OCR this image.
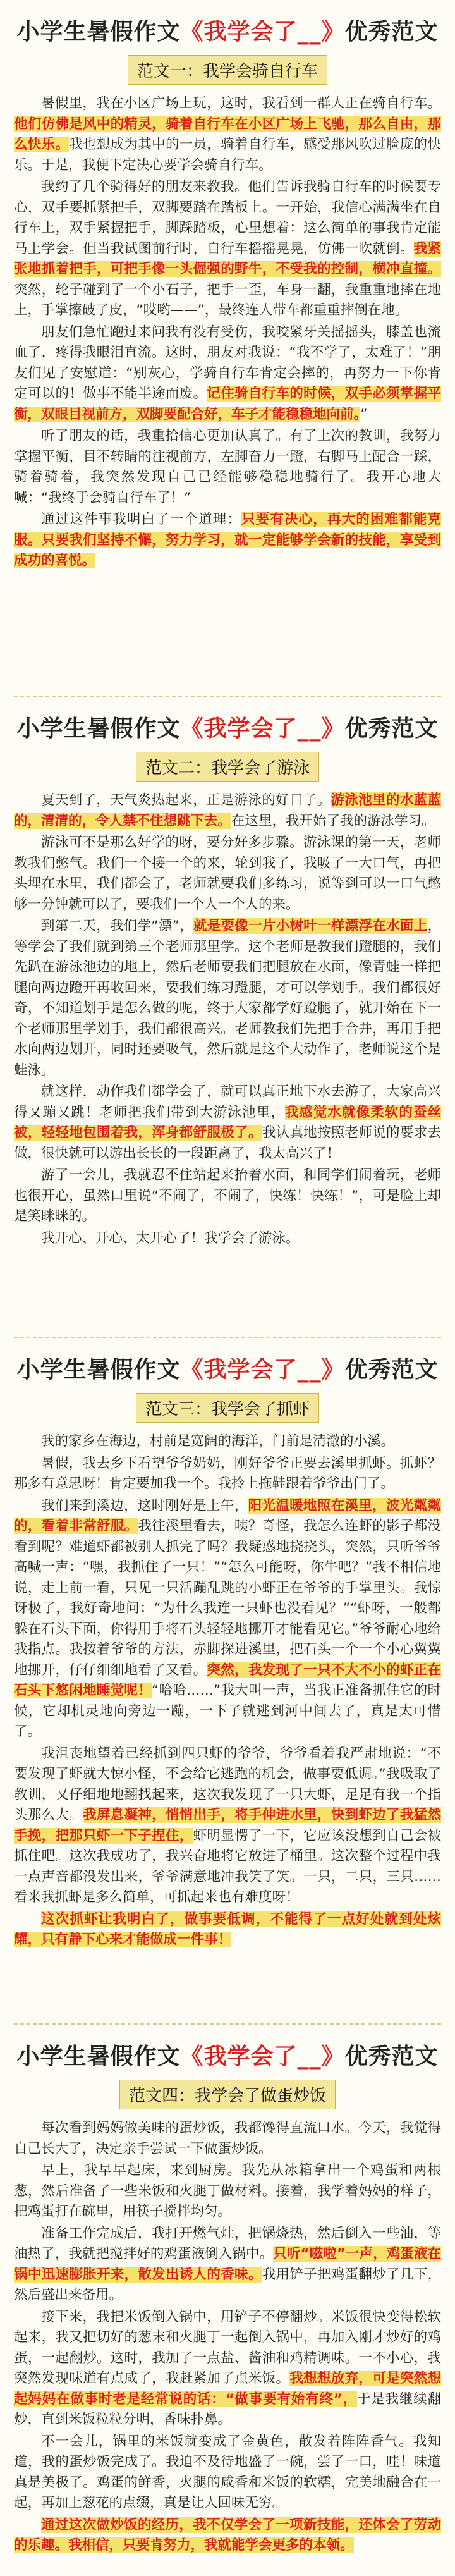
小学生暑假作文《我学会了__》优秀范文
范文一：我学会骑自行车

暑假里，我在小区广场上玩，这时，我看到一群人正在骑自行车。他们仿佛是风中的精灵，骑着自行车在小区广场上飞驰，那么自由，那么快乐。我也想成为其中的一员，骑着自行车，感受那风吹过脸庞的快乐。于是，我便下定决心要学会骑自行车。

我约了几个骑得好的朋友来教我。他们告诉我骑自行车的时候要专心，双手要抓紧把手，双脚要踏在踏板上。一开始，我信心满满坐在自行车上，双手紧握把手，脚踩踏板，心里想着：这么简单的事我肯定能马上学会。但当我试图前行时，自行车摇摇晃晃，仿佛一吹就倒。我紧张地抓着把手，可把手像一头倔强的野牛，不受我的控制，横冲直撞。突然，轮子碰到了一个小石子，把手一歪，车身一翻，我重重地摔在地上，手掌擦破了皮，“哎哟——”，最终连人带车都重重摔倒在地。

朋友们急忙跑过来问我有没有受伤，我咬紧牙关摇摇头，膝盖也流血了，疼得我眼泪直流。这时，朋友对我说：“我不学了，太难了！”朋友们见了安慰道：“别灰心，学骑自行车肯定会摔的，再努力一下你肯定可以的！做事不能半途而废。记住骑自行车的时候，双手必须掌握平衡，双眼目视前方，双脚要配合好，车子才能稳稳地向前。”

听了朋友的话，我重拾信心更加认真了。有了上次的教训，我努力掌握平衡，目不转睛的注视前方，左脚奋力一蹬，右脚马上配合一踩，骑着骑着，我突然发现自己已经能够稳稳地骑行了。我开心地大喊：“我终于会骑自行车了！”

通过这件事我明白了一个道理：只要有决心，再大的困难都能克服。只要我们坚持不懈，努力学习，就一定能够学会新的技能，享受到成功的喜悦。

小学生暑假作文《我学会了__》优秀范文
范文二：我学会了游泳

夏天到了，天气炎热起来，正是游泳的好日子。游泳池里的水蓝蓝的，清清的，令人禁不住想跳下去。在这里，我开始了我的游泳学习。

游泳可不是那么好学的呀，要分好多步骤。游泳课的第一天，老师教我们憋气。我们一个接一个的来，轮到我了，我吸了一大口气，再把头埋在水里，我们都会了，老师就要我们多练习，说等到可以一口气憋够一分钟就可以了，要我们一个人一个人的来。

到第二天，我们学“漂”，就是要像一片小树叶一样漂浮在水面上，等学会了我们就到第三个老师那里学。这个老师是教我们蹬腿的，我们先趴在游泳池边的地上，然后老师要我们把腿放在水面，像青蛙一样把腿向两边蹬开再收回来，要我们练习蹬腿，才可以学划手。我们都很好奇，不知道划手是怎么做的呢，终于大家都学好蹬腿了，就开始在下一个老师那里学划手，我们都很高兴。老师教我们先把手合并，再用手把水向两边划开，同时还要吸气，然后就是这个大动作了，老师说这个是蛙泳。

就这样，动作我们都学会了，就可以真正地下水去游了，大家高兴得又蹦又跳！老师把我们带到大游泳池里，我感觉水就像柔软的蚕丝被，轻轻地包围着我，浑身都舒服极了。我认真地按照老师说的要求去做，很快就可以游出长长的一段距离了，我太高兴了！

游了一会儿，我就忍不住站起来抬着水面，和同学们闹着玩，老师也很开心，虽然口里说“不闹了，不闹了，快练！快练！”，可是脸上却是笑眯眯的。

我开心、开心、太开心了！我学会了游泳。

小学生暑假作文《我学会了__》优秀范文
范文三：我学会了抓虾

我的家乡在海边，村前是宽阔的海洋，门前是清澈的小溪。

暑假，我去乡下看望爷爷奶奶，刚好爷爷正要去溪里抓虾。抓虾？那多有意思呀！肯定要加我一个。我拎上拖鞋跟着爷爷出门了。

我们来到溪边，这时刚好是上午，阳光温暖地照在溪里，波光粼粼的，看着非常舒服。我往溪里看去，咦？奇怪，我怎么连虾的影子都没看到呢？难道虾都被别人抓完了吗？我疑惑地挠挠头，突然，只听爷爷高喊一声：“嘿，我抓住了一只！”“怎么可能呀，你牛吧？”我不相信地说，走上前一看，只见一只活蹦乱跳的小虾正在爷爷的手掌里头。我惊讶极了，我好奇地问：“为什么我连一只虾也没看见？”“虾呀，一般都躲在石头下面，你得用手将石头轻轻地挪开才能看见它。”爷爷耐心地给我指点。我按着爷爷的方法，赤脚探进溪里，把石头一个一个小心翼翼地挪开，仔仔细细地看了又看。突然，我发现了一只不大不小的虾正在石头下悠闲地睡觉呢！“哈哈……”我大叫一声，当我正准备抓住它的时候，它却机灵地向旁边一蹦，一下子就逃到河中间去了，真是太可惜了。

我沮丧地望着已经抓到四只虾的爷爷，爷爷看着我严肃地说：“不要发现了虾就大惊小怪，不会给它逃跑的机会，做事要低调。”我吸取了教训，又仔细地地翻找起来，这次我发现了一只大虾，足足有我一个指头那么大。我屏息凝神，悄悄出手，将手伸进水里，快到虾边了我猛然手挽，把那只虾一下子捏住，虾明显愣了一下，它应该没想到自己会被抓住吧。这次我成功了，我兴奋地将它放进了桶里。这次整个过程中我一点声音都没发出来，爷爷满意地冲我笑了笑。一只，二只，三只……看来我抓虾是多么简单，可抓起来也有难度呀！

这次抓虾让我明白了，做事要低调，不能得了一点好处就到处炫耀，只有静下心来才能做成一件事！

小学生暑假作文《我学会了__》优秀范文
范文四：我学会了做蛋炒饭

每次看到妈妈做美味的蛋炒饭，我都馋得直流口水。今天，我觉得自己长大了，决定亲手尝试一下做蛋炒饭。

早上，我早早起床，来到厨房。我先从冰箱拿出一个鸡蛋和两根葱，然后准备了一些米饭和火腿丁做材料。接着，我学着妈妈的样子，把鸡蛋打在碗里，用筷子搅拌均匀。

准备工作完成后，我打开燃气灶，把锅烧热，然后倒入一些油，等油热了，我就把搅拌好的鸡蛋液倒入锅中。只听“嗞啦”一声，鸡蛋液在锅中迅速膨胀开来，散发出诱人的香味。我用铲子把鸡蛋翻炒了几下，然后盛出来备用。

接下来，我把米饭倒入锅中，用铲子不停翻炒。米饭很快变得松软起来，我又把切好的葱末和火腿丁一起倒入锅中，再加入刚才炒好的鸡蛋，一起翻炒。这时，我加了一点盐、酱油和鸡精调味。一不小心，我突然发现味道有点咸了，我赶紧加了点米饭。我想想放弃，可是突然想起妈妈在做事时老是经常说的话：“做事要有始有终”，于是我继续翻炒，直到米饭粒粒分明，香味扑鼻。

不一会儿，锅里的米饭就变成了金黄色，散发着阵阵香气。我知道，我的蛋炒饭完成了。我迫不及待地盛了一碗，尝了一口，哇！味道真是美极了。鸡蛋的鲜香，火腿的咸香和米饭的软糯，完美地融合在一起，再加上葱花的点缀，真是让人回味无穷。

通过这次做炒饭的经历，我不仅学会了一项新技能，还体会了劳动的乐趣。我相信，只要肯努力，我就能学会更多的本领。
